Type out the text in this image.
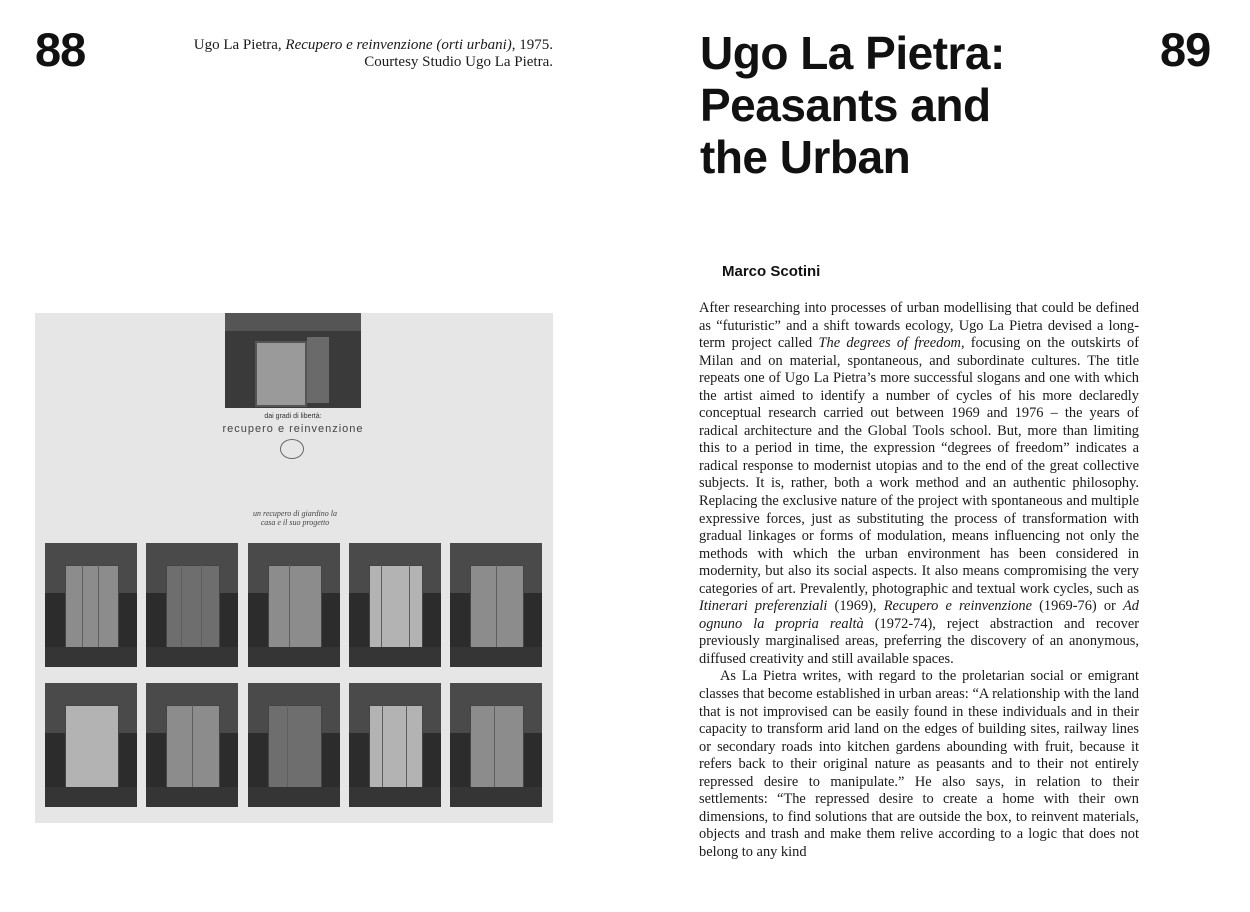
88	Ugo La Pietra, Recupero e reinvenzione (orti urbani), 1975.
Courtesy Studio Ugo La Pietra.
dai gradi di libertà:
recupero e reinvenzione
un recupero di giardino la casa e il suo progetto
Ugo La Pietra:
Peasants and
the Urban
89
Marco Scotini

After researching into processes of urban modellising that could be defined as “futuristic” and a shift towards ecology, Ugo La Pietra devised a long-term project called The degrees of freedom, focusing on the outskirts of Milan and on material, spontaneous, and subordinate cultures. The title repeats one of Ugo La Pietra’s more successful slogans and one with which the artist aimed to identify a number of cycles of his more declaredly conceptual research carried out between 1969 and 1976 – the years of radical architecture and the Global Tools school. But, more than limiting this to a period in time, the expression “degrees of freedom” indicates a radical response to modernist utopias and to the end of the great collective subjects. It is, rather, both a work method and an authentic philosophy. Replacing the exclusive nature of the project with spontaneous and multiple expressive forces, just as substituting the process of transformation with gradual linkages or forms of modulation, means influencing not only the methods with which the urban environment has been considered in modernity, but also its social aspects. It also means compromising the very categories of art. Prevalently, photographic and textual work cycles, such as Itinerari preferenziali (1969), Recupero e reinvenzione (1969-76) or Ad ognuno la propria realtà (1972-74), reject abstraction and recover previously marginalised areas, preferring the discovery of an anonymous, diffused creativity and still available spaces.

As La Pietra writes, with regard to the proletarian social or emigrant classes that become established in urban areas: “A relationship with the land that is not improvised can be easily found in these individuals and in their capacity to transform arid land on the edges of building sites, railway lines or secondary roads into kitchen gardens abounding with fruit, because it refers back to their original nature as peasants and to their not entirely repressed desire to manipulate.” He also says, in relation to their settlements: “The repressed desire to create a home with their own dimensions, to find solutions that are outside the box, to reinvent materials, objects and trash and make them relive according to a logic that does not belong to any kind
